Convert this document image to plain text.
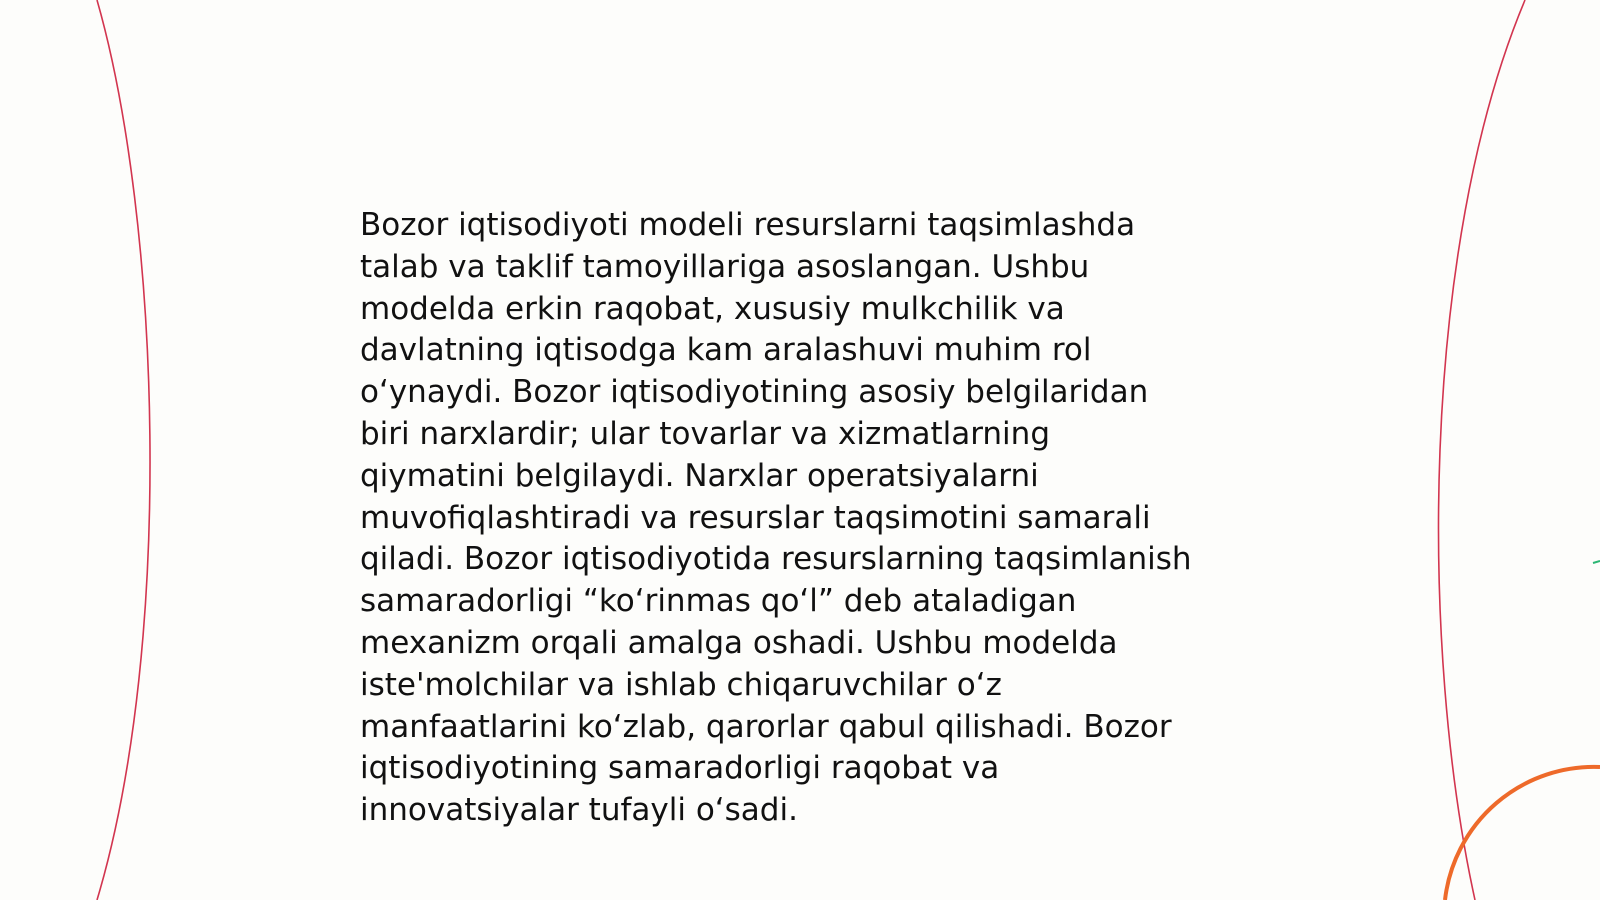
Bozor iqtisodiyoti modeli resurslarni taqsimlashda
talab va taklif tamoyillariga asoslangan. Ushbu
modelda erkin raqobat, xususiy mulkchilik va
davlatning iqtisodga kam aralashuvi muhim rol
o‘ynaydi. Bozor iqtisodiyotining asosiy belgilaridan
biri narxlardir; ular tovarlar va xizmatlarning
qiymatini belgilaydi. Narxlar operatsiyalarni
muvofiqlashtiradi va resurslar taqsimotini samarali
qiladi. Bozor iqtisodiyotida resurslarning taqsimlanish
samaradorligi “ko‘rinmas qo‘l” deb ataladigan
mexanizm orqali amalga oshadi. Ushbu modelda
iste'molchilar va ishlab chiqaruvchilar o‘z
manfaatlarini ko‘zlab, qarorlar qabul qilishadi. Bozor
iqtisodiyotining samaradorligi raqobat va
innovatsiyalar tufayli o‘sadi.
